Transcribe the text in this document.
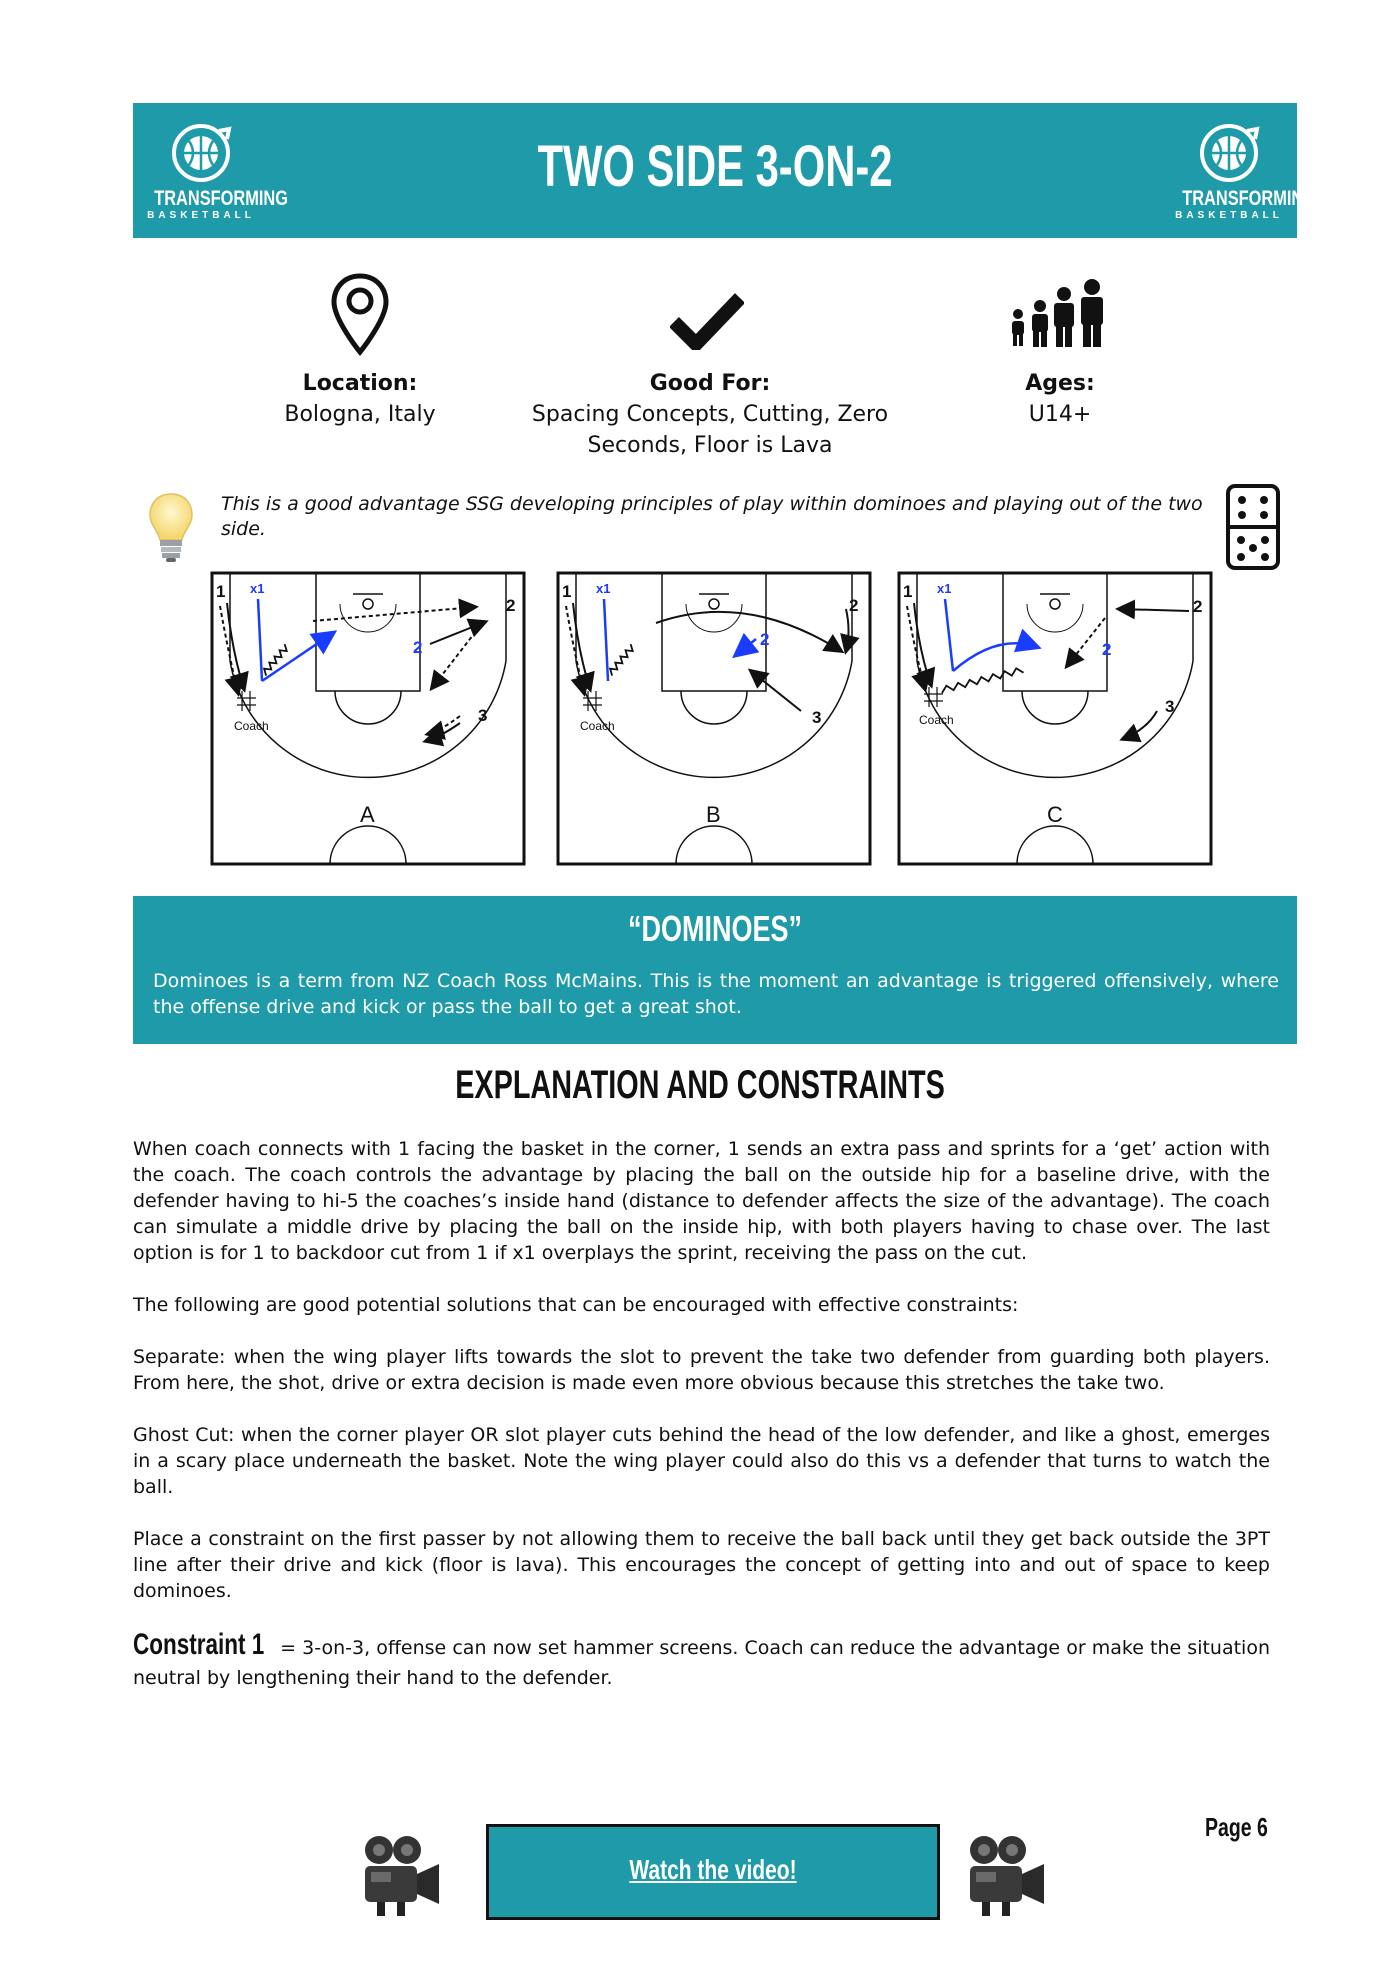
TRANSFORMING
BASKETBALL
TWO SIDE 3-ON-2	TRANSFORMING
BASKETBALL
Location:
Bologna, Italy
Good For:
Spacing Concepts, Cutting, Zero
Seconds, Floor is Lava
Ages:
U14+
This is a good advantage SSG developing principles of play within dominoes and playing out of the two side.
1 x1
2
2
3
Coach
A
1 x1
2
2
3
Coach
B
1 x1
2
2
3
Coach
C
“DOMINOES”
Dominoes is a term from NZ Coach Ross McMains. This is the moment an advantage is triggered offensively, where the offense drive and kick or pass the ball to get a great shot.
EXPLANATION AND CONSTRAINTS
When coach connects with 1 facing the basket in the corner, 1 sends an extra pass and sprints for a ‘get’ action with the coach. The coach controls the advantage by placing the ball on the outside hip for a baseline drive, with the defender having to hi-5 the coaches’s inside hand (distance to defender affects the size of the advantage). The coach can simulate a middle drive by placing the ball on the inside hip, with both players having to chase over. The last option is for 1 to backdoor cut from 1 if x1 overplays the sprint, receiving the pass on the cut.
The following are good potential solutions that can be encouraged with effective constraints:
Separate: when the wing player lifts towards the slot to prevent the take two defender from guarding both players. From here, the shot, drive or extra decision is made even more obvious because this stretches the take two.
Ghost Cut: when the corner player OR slot player cuts behind the head of the low defender, and like a ghost, emerges in a scary place underneath the basket. Note the wing player could also do this vs a defender that turns to watch the ball.
Place a constraint on the first passer by not allowing them to receive the ball back until they get back outside the 3PT line after their drive and kick (floor is lava). This encourages the concept of getting into and out of space to keep dominoes.
Constraint 1 = 3-on-3, offense can now set hammer screens. Coach can reduce the advantage or make the situation neutral by lengthening their hand to the defender.
Watch the video!
Page 6
